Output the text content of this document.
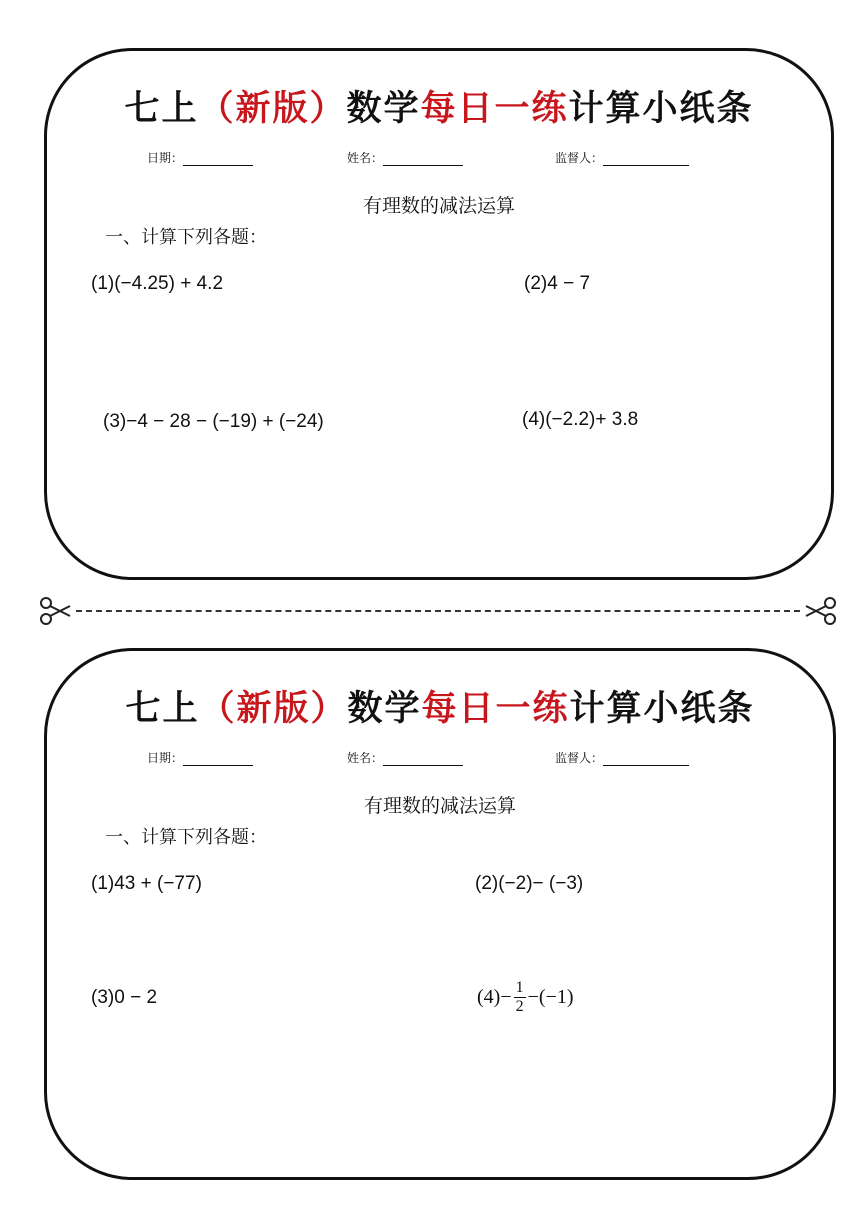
七上（新版）数学每日一练计算小纸条
日期：	姓名：	监督人：
有理数的减法运算
一、计算下列各题：
(1)(−4.25) + 4.2	(2)4 − 7
(3)−4 − 28 − (−19) + (−24)	(4)(−2.2)+ 3.8
七上（新版）数学每日一练计算小纸条
日期：	姓名：	监督人：
有理数的减法运算
一、计算下列各题：
(1)43 + (−77)	(2)(−2)− (−3)
(3)0 − 2	$(4)- \frac{1}{2} -(-1)$
